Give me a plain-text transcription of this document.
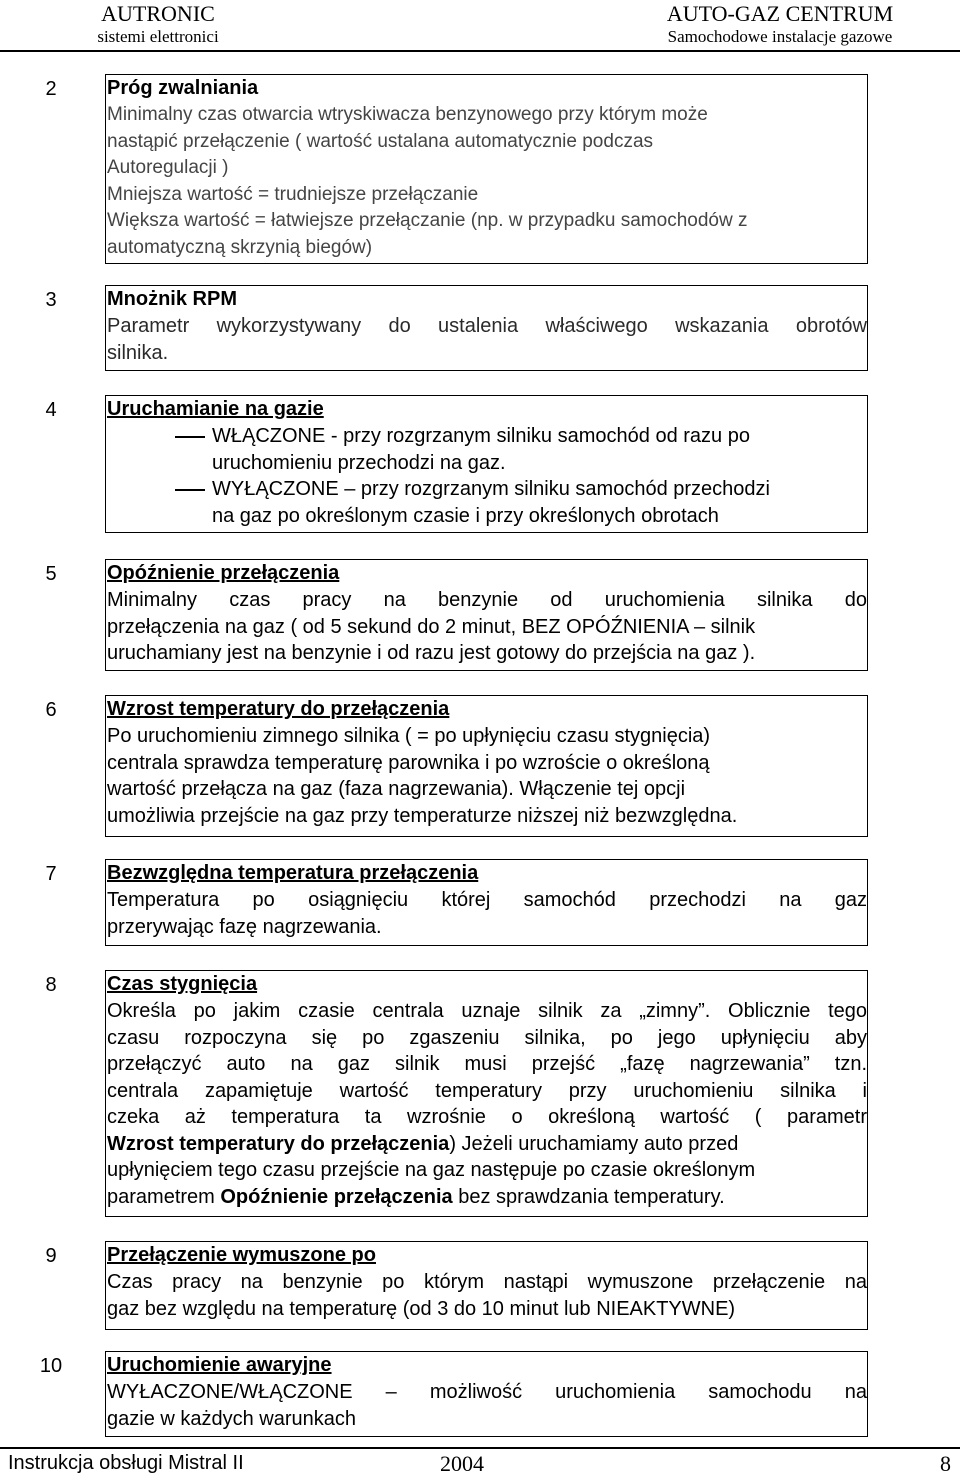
AUTRONIC
sistemi elettronici
AUTO-GAZ CENTRUM
Samochodowe instalacje gazowe
2	Próg zwalniania
Minimalny czas otwarcia wtryskiwacza benzynowego przy którym może
nastąpić przełączenie ( wartość ustalana automatycznie podczas
Autoregulacji )
Mniejsza wartość = trudniejsze przełączanie
Większa wartość = łatwiejsze przełączanie (np. w przypadku samochodów z
automatyczną skrzynią biegów)
3	Mnożnik RPM
Parametr wykorzystywany do ustalenia właściwego wskazania obrotów
silnika.
4	Uruchamianie na gazie
WŁĄCZONE - przy rozgrzanym silniku samochód od razu po
uruchomieniu przechodzi na gaz.
WYŁĄCZONE – przy rozgrzanym silniku samochód przechodzi
na gaz po określonym czasie i przy określonych obrotach
5	Opóźnienie przełączenia
Minimalny czas pracy na benzynie od uruchomienia silnika do
przełączenia na gaz ( od 5 sekund do 2 minut, BEZ OPÓŹNIENIA – silnik
uruchamiany jest na benzynie i od razu jest gotowy do przejścia na gaz ).
6	Wzrost temperatury do przełączenia
Po uruchomieniu zimnego silnika ( = po upłynięciu czasu stygnięcia)
centrala sprawdza temperaturę parownika i po wzroście o określoną
wartość przełącza na gaz (faza nagrzewania). Włączenie tej opcji
umożliwia przejście na gaz przy temperaturze niższej niż bezwzględna.
7	Bezwzględna temperatura przełączenia
Temperatura po osiągnięciu której samochód przechodzi na gaz
przerywając fazę nagrzewania.
8	Czas stygnięcia
Określa po jakim czasie centrala uznaje silnik za „zimny”. Oblicznie tego
czasu rozpoczyna się po zgaszeniu silnika, po jego upłynięciu aby
przełączyć auto na gaz silnik musi przejść „fazę nagrzewania” tzn.
centrala zapamiętuje wartość temperatury przy uruchomieniu silnika i
czeka aż temperatura ta wzrośnie o określoną wartość ( parametr
Wzrost temperatury do przełączenia) Jeżeli uruchamiamy auto przed
upłynięciem tego czasu przejście na gaz następuje po czasie określonym
parametrem Opóźnienie przełączenia bez sprawdzania temperatury.
9	Przełączenie wymuszone po
Czas pracy na benzynie po którym nastąpi wymuszone przełączenie na
gaz bez względu na temperaturę (od 3 do 10 minut lub NIEAKTYWNE)
10	Uruchomienie awaryjne
WYŁACZONE/WŁĄCZONE – możliwość uruchomienia samochodu na
gazie w każdych warunkach
Instrukcja obsługi Mistral II	2004	8
